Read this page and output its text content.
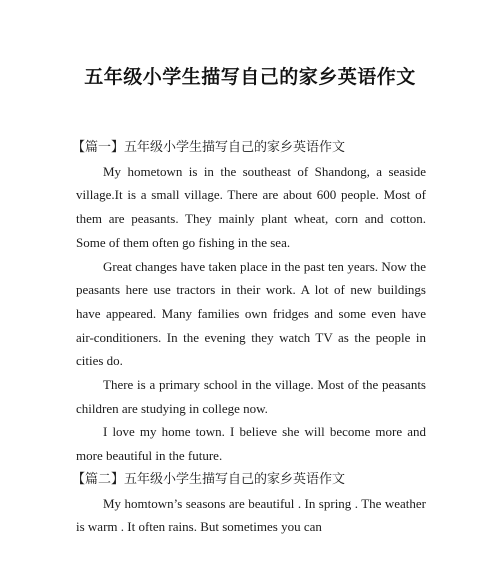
五年级小学生描写自己的家乡英语作文

【篇一】五年级小学生描写自己的家乡英语作文

My hometown is in the southeast of Shandong, a seaside village.It is a small village. There are about 600 people. Most of them are peasants. They mainly plant wheat, corn and cotton. Some of them often go fishing in the sea.

Great changes have taken place in the past ten years. Now the peasants here use tractors in their work. A lot of new buildings have appeared. Many families own fridges and some even have air-conditioners. In the evening they watch TV as the people in cities do.

There is a primary school in the village. Most of the peasants children are studying in college now.

I love my home town. I believe she will become more and more beautiful in the future.

【篇二】五年级小学生描写自己的家乡英语作文

My homtown’s seasons are beautiful . In spring . The weather is warm . It often rains. But sometimes you can
